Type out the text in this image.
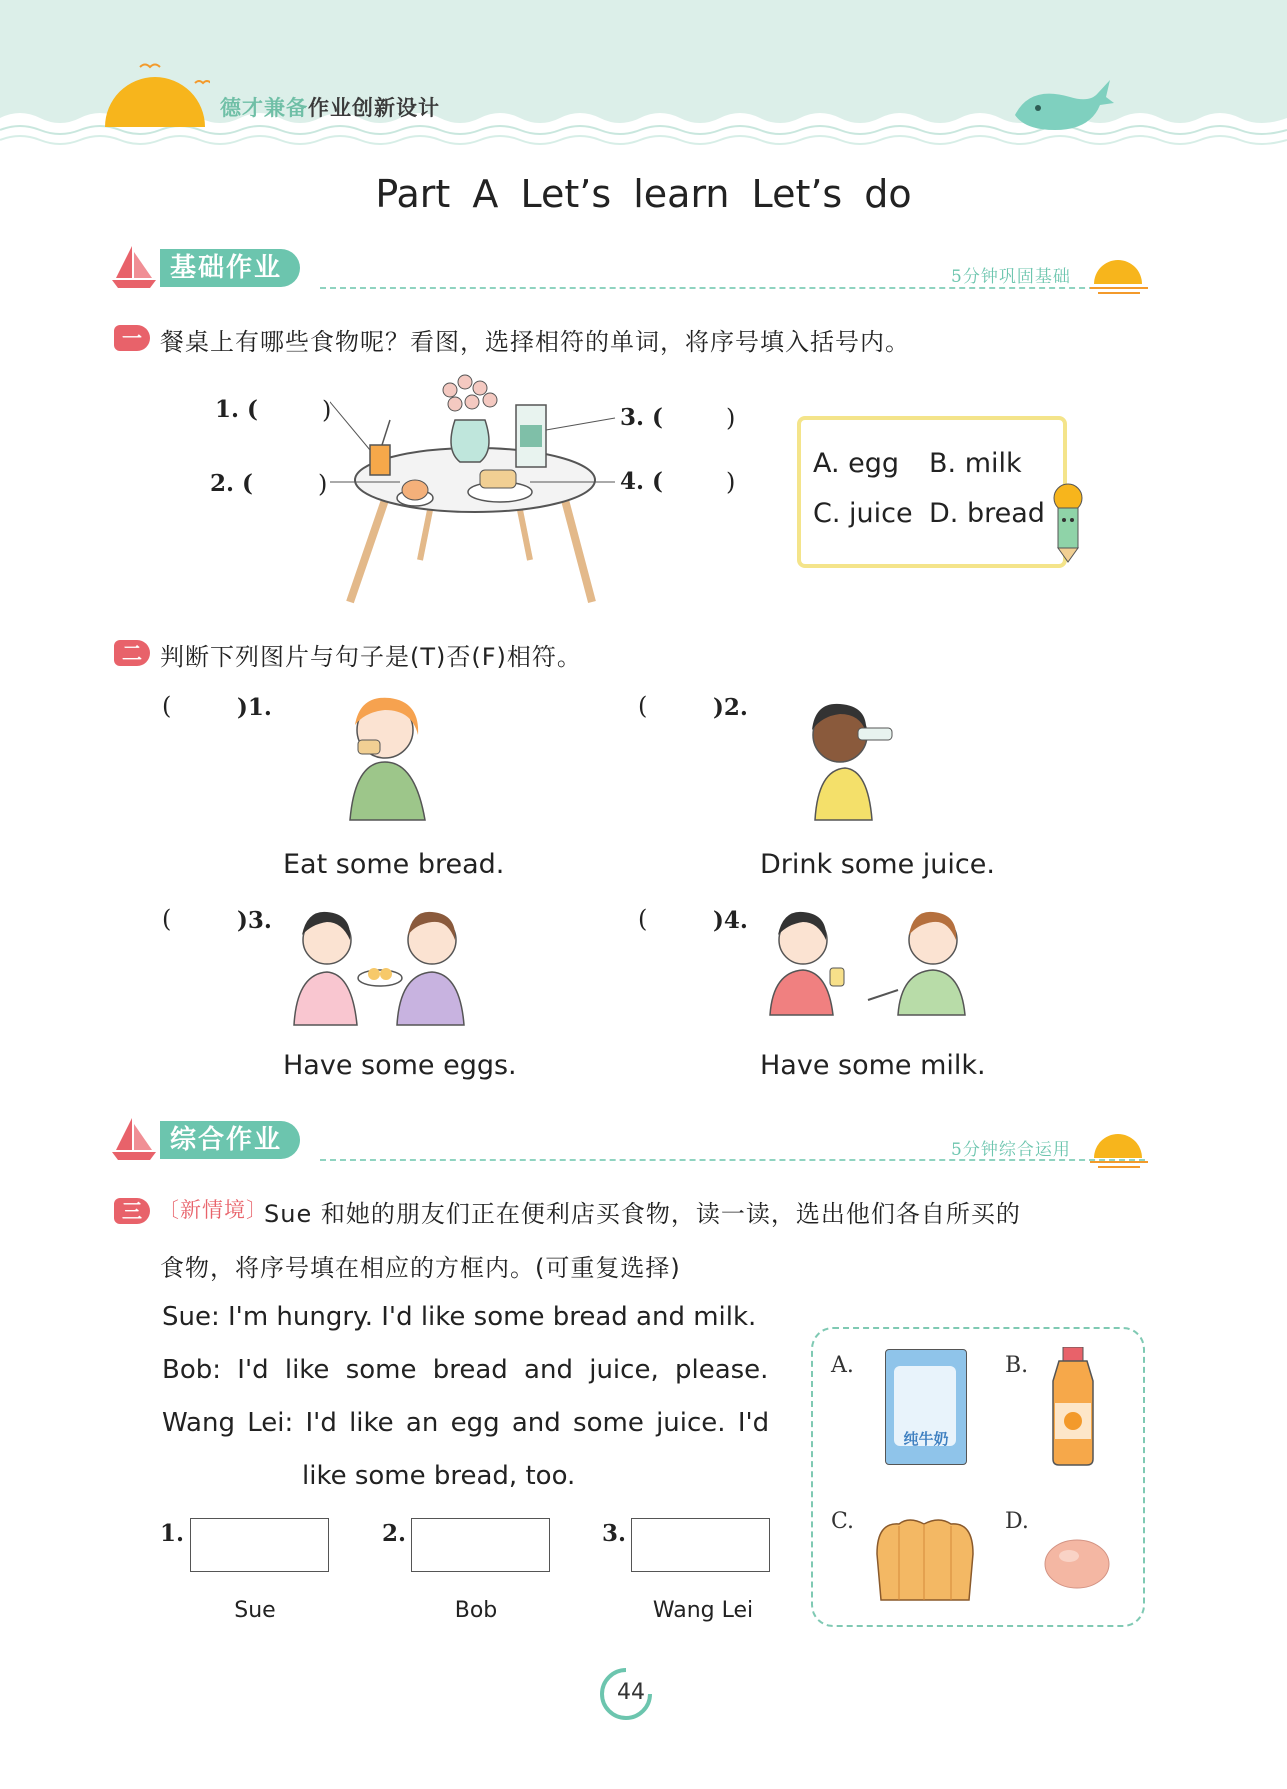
德才兼备作业创新设计
Part A Let’s learn Let’s do
基础作业	5分钟巩固基础
一 餐桌上有哪些食物呢？看图，选择相符的单词，将序号填入括号内。
1. (	)
2. (	)
3. (	)
4. (	)
A. egg B. milk
C. juice D. bread
二 判断下列图片与句子是(T)否(F)相符。
(	)1.
Eat some bread.
(	)2.
Drink some juice.
(	)3.
Have some eggs.
(	)4.
Have some milk.
综合作业	5分钟综合运用
三 〔新情境〕
Sue 和她的朋友们正在便利店买食物，读一读，选出他们各自所买的
食物，将序号填在相应的方框内。(可重复选择)
Sue: I'm hungry. I'd like some bread and milk.
Bob: I'd like some bread and juice, please.
Wang Lei: I'd like an egg and some juice. I'd
like some bread, too.
1.
Sue
2.
Bob
3.
Wang Lei
A.	B.
C.	D.
纯牛奶
44
